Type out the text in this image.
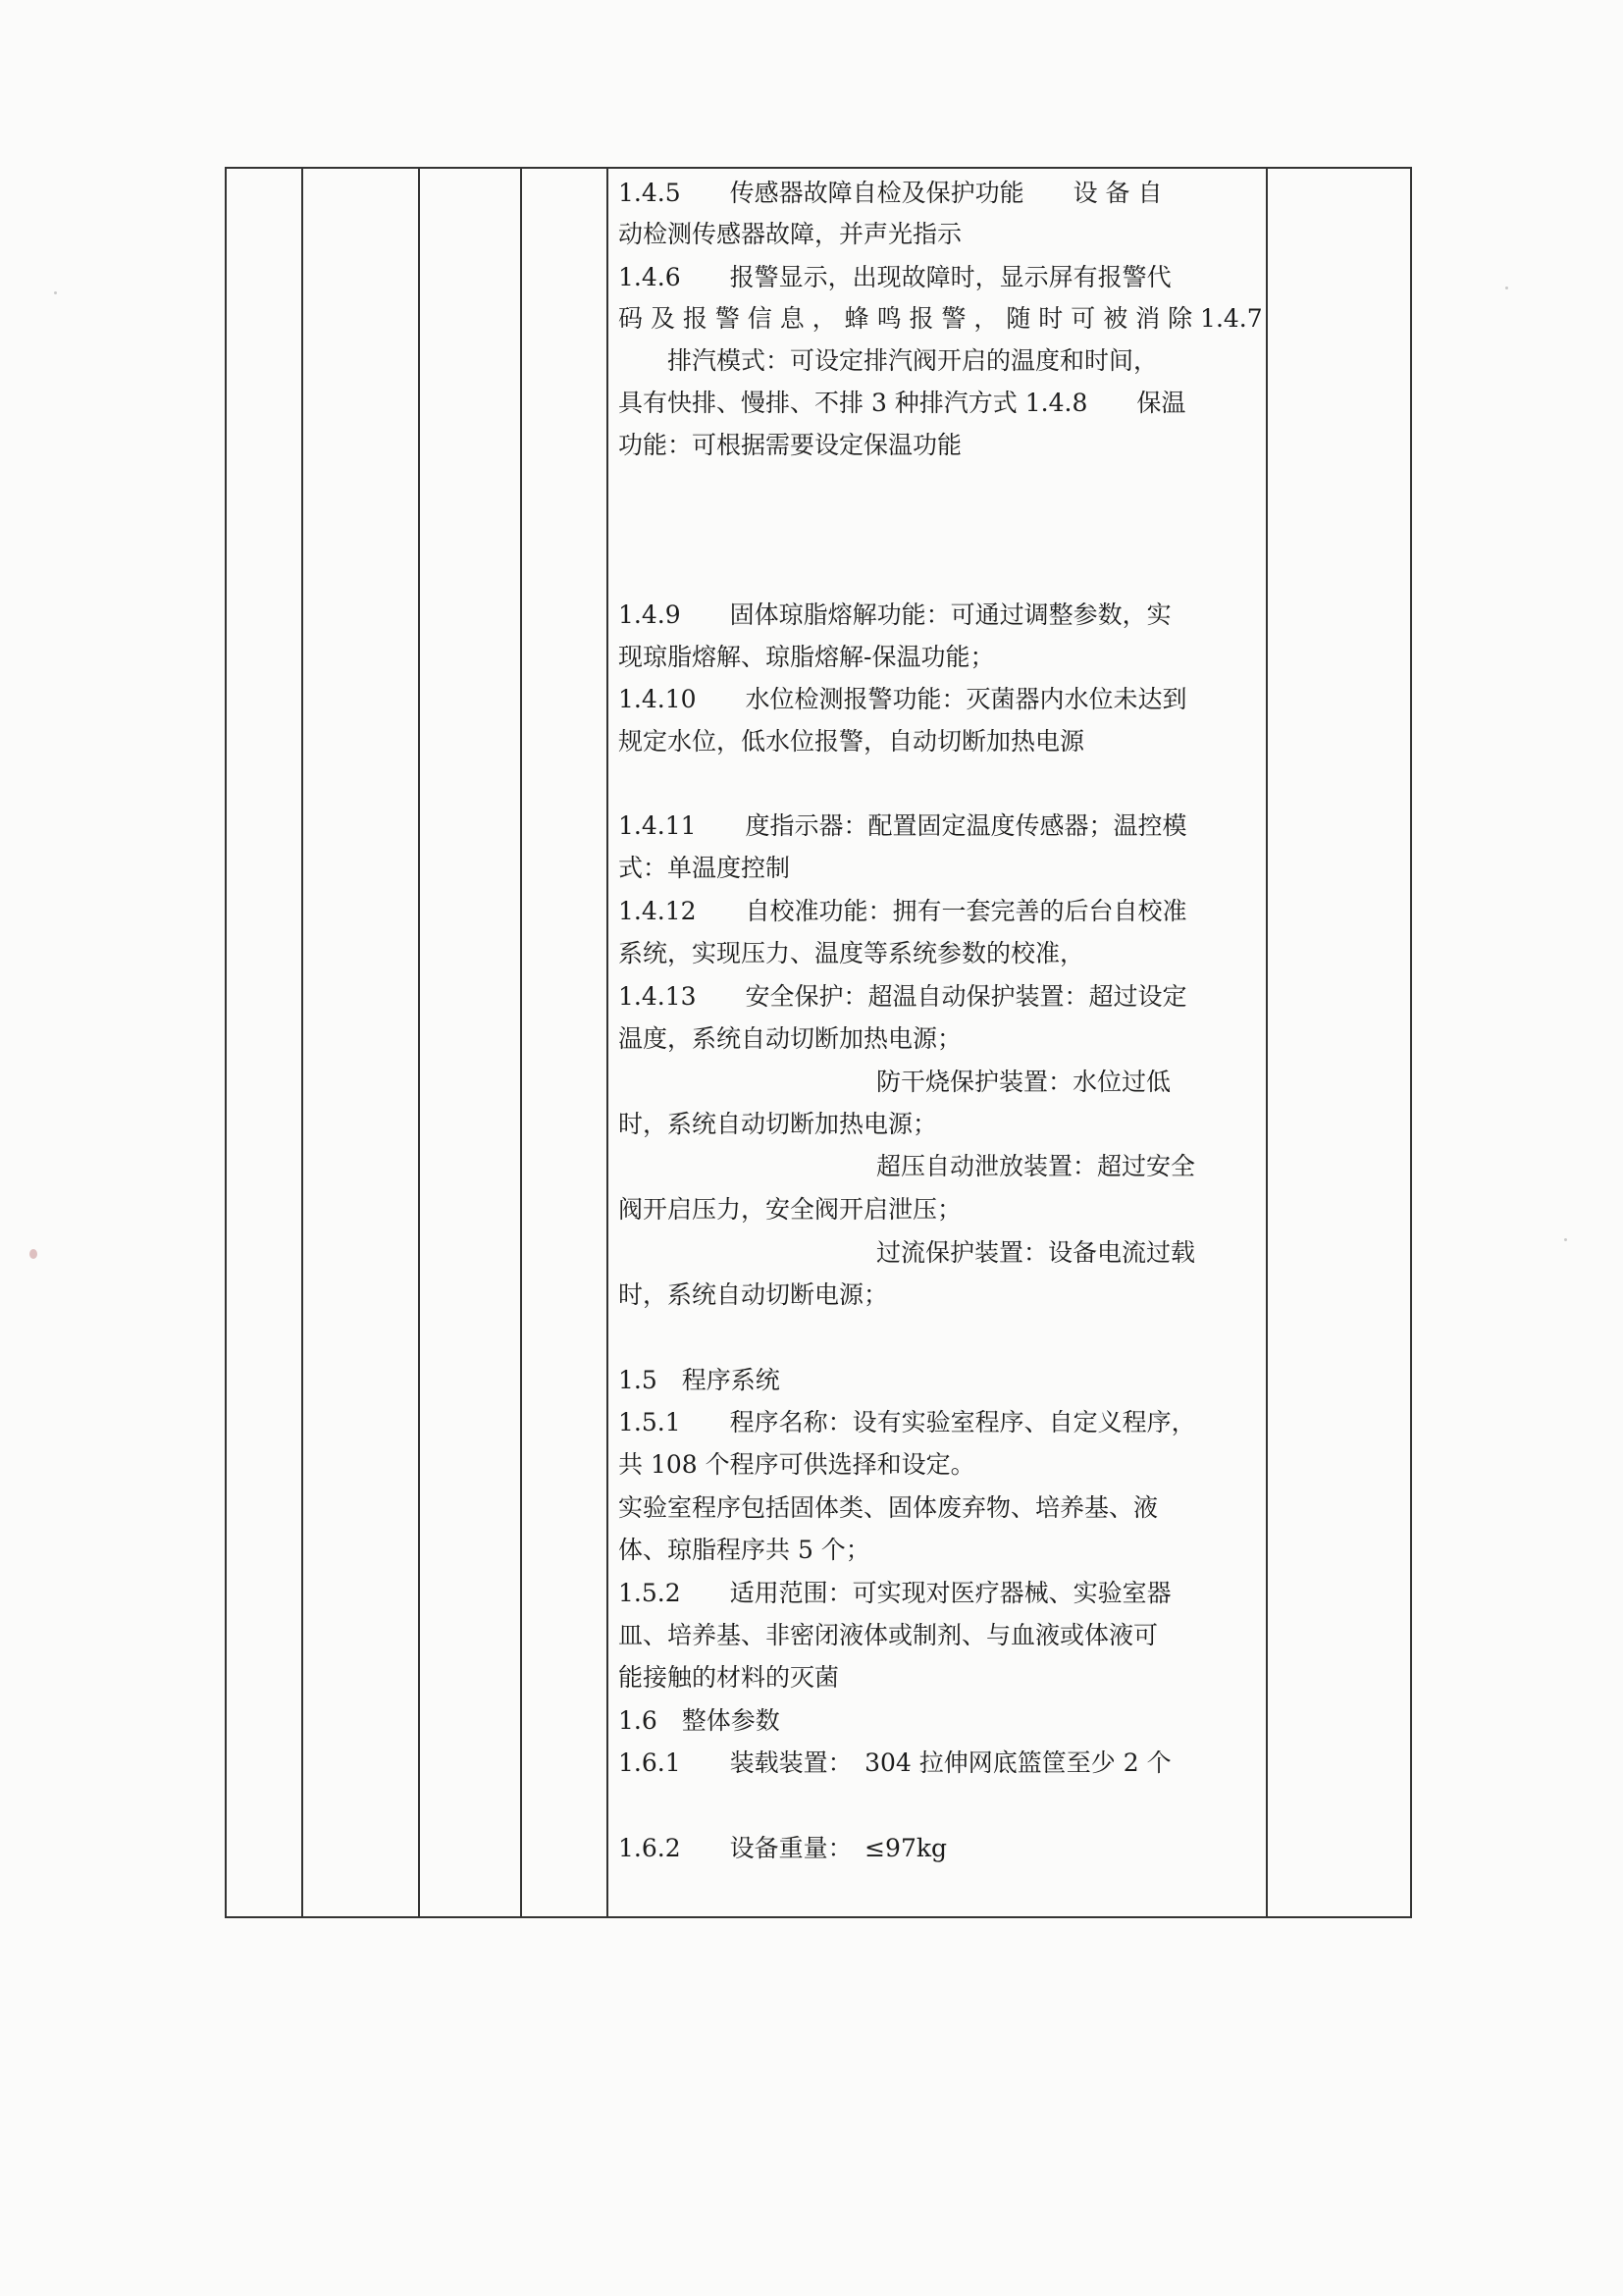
1.4.5　　传感器故障自检及保护功能　　设 备 自
动检测传感器故障，并声光指示
1.4.6　　报警显示，出现故障时，显示屏有报警代
码 及 报 警 信 息 ， 蜂 鸣 报 警 ， 随 时 可 被 消 除 1.4.7
　　排汽模式：可设定排汽阀开启的温度和时间，
具有快排、慢排、不排 3 种排汽方式 1.4.8　　保温
功能：可根据需要设定保温功能
1.4.9　　固体琼脂熔解功能：可通过调整参数，实
现琼脂熔解、琼脂熔解-保温功能；
1.4.10　　水位检测报警功能：灭菌器内水位未达到
规定水位，低水位报警，自动切断加热电源
1.4.11　　度指示器：配置固定温度传感器；温控模
式：单温度控制
1.4.12　　自校准功能：拥有一套完善的后台自校准
系统，实现压力、温度等系统参数的校准，
1.4.13　　安全保护：超温自动保护装置：超过设定
温度，系统自动切断加热电源；
防干烧保护装置：水位过低
时，系统自动切断加热电源；
超压自动泄放装置：超过安全
阀开启压力，安全阀开启泄压；
过流保护装置：设备电流过载
时，系统自动切断电源；
1.5　程序系统
1.5.1　　程序名称：设有实验室程序、自定义程序，
共 108 个程序可供选择和设定。
实验室程序包括固体类、固体废弃物、培养基、液
体、琼脂程序共 5 个；
1.5.2　　适用范围：可实现对医疗器械、实验室器
皿、培养基、非密闭液体或制剂、与血液或体液可
能接触的材料的灭菌
1.6　整体参数
1.6.1　　装载装置：　304 拉伸网底篮筐至少 2 个
1.6.2　　设备重量：　≤97kg
